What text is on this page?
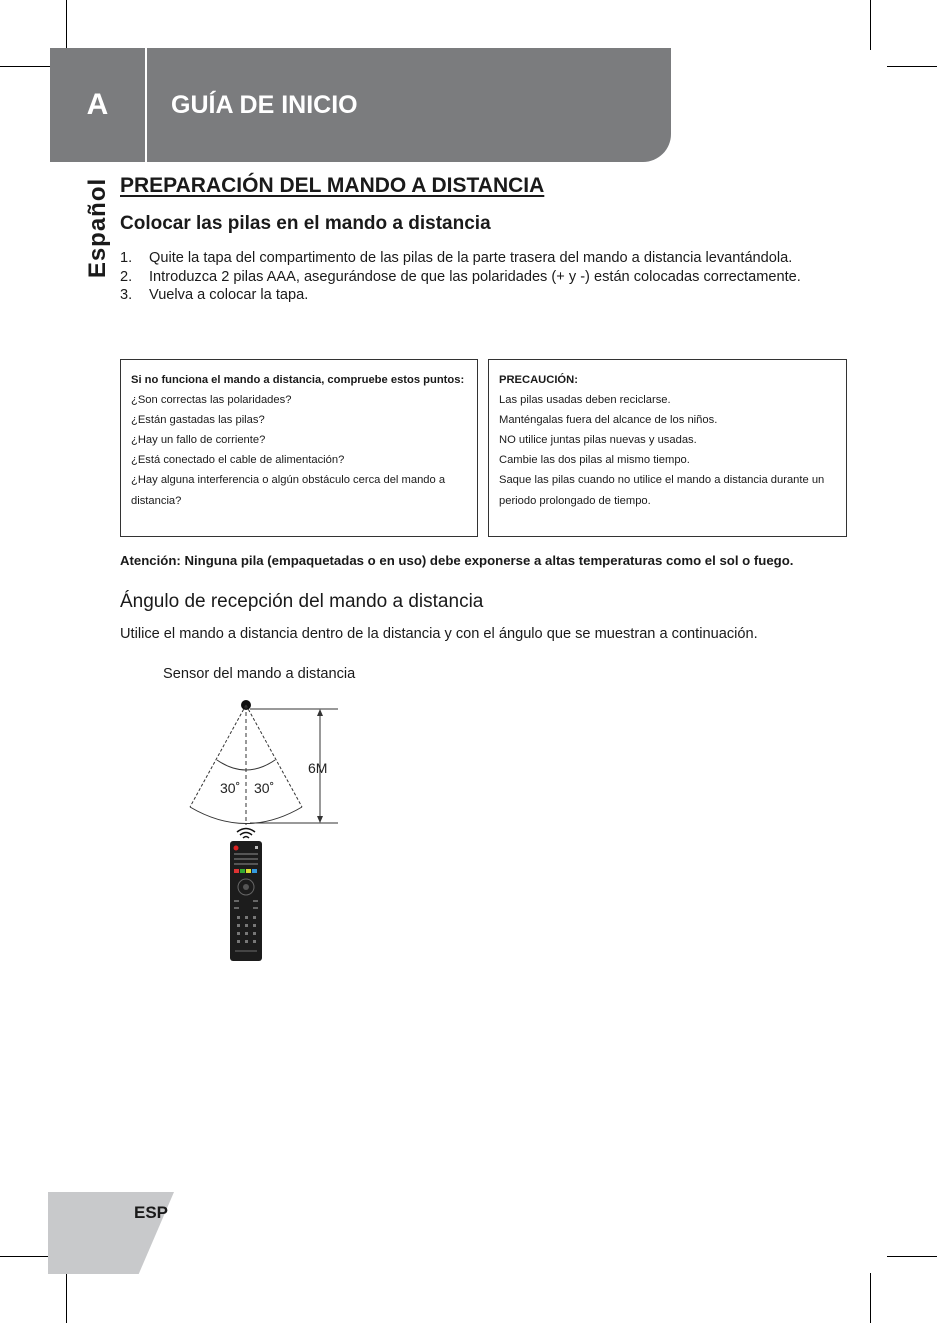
A	GUÍA DE INICIO
Español PREPARACIÓN DEL MANDO A DISTANCIA
Colocar las pilas en el mando a distancia
1. Quite la tapa del compartimento de las pilas de la parte trasera del mando a distancia levantándola.
2. Introduzca 2 pilas AAA, asegurándose de que las polaridades (+ y -) están colocadas correctamente.
3. Vuelva a colocar la tapa.

Si no funciona el mando a distancia, compruebe estos puntos:

¿Son correctas las polaridades?

¿Están gastadas las pilas?

¿Hay un fallo de corriente?

¿Está conectado el cable de alimentación?

¿Hay alguna interferencia o algún obstáculo cerca del mando a distancia?

PRECAUCIÓN:

Las pilas usadas deben reciclarse.

Manténgalas fuera del alcance de los niños.

NO utilice juntas pilas nuevas y usadas.

Cambie las dos pilas al mismo tiempo.

Saque las pilas cuando no utilice el mando a distancia durante un periodo prolongado de tiempo.

Atención: Ninguna pila (empaquetadas o en uso) debe exponerse a altas temperaturas como el sol o fuego.
Ángulo de recepción del mando a distancia
Utilice el mando a distancia dentro de la distancia y con el ángulo que se muestran a continuación.
Sensor del mando a distancia
30˚ 30˚
6M
ESP
